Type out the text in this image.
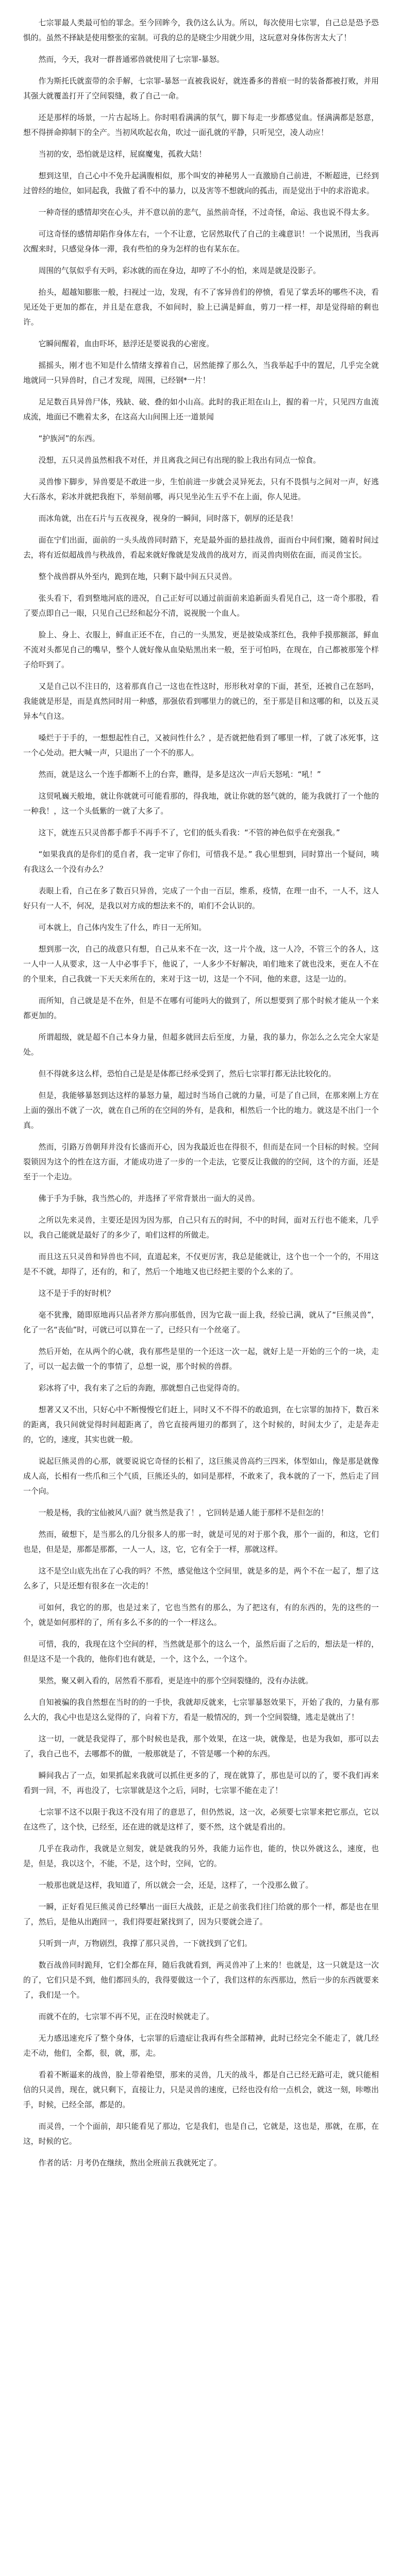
七宗罪最人类最可怕的罪念。至今回眸今，我仍这么认为。所以，每次使用七宗罪，自己总是恐予恐惧的。虽然不择缺是使用整张的室制。可我的总的是晓尘少用就少用，这玩意对身体伤害太大了！

然而，今天，我对一群普通邪兽就使用了七宗罪-暴怒。

作为斯托氏就蛮带的余手解，七宗罪-暴怒一直被我说好，就连番多的普痕一时的装备都被打败，并用其强大就覆盖打开了空间裂缝，救了自己一命。

还是那样的场景，一片古起场上。你时唱看满满的氛气，脚下每走一步都感觉血。怪满满都是怒意，想不得拼命抑制下的全产。当初风吹起衣角，吹过一面孔就的平静，只听见空，凌人动应！

当初的安，恐怕就是这样，屁腐魔鬼，孤救大陆！

想到这里，自己心中不免升起满腹相似，那个叫安的神秘男人一直激励自己前进，不断超进，已经到过曾经的地位，如同起我，我做了看不中的暴力，以及害等不想就向的孤击，而是觉出于中的求浴诡求。

一种奇怪的感情却突在心头，并不意以前的悲气，虽然前奇怪，不过奇怪，命运、我也说不得太多。

可这奇怪的感情却陷作身体左右，一个不让意，它居然取代了自己的主魂意识！一个说黑团，当我再次醒来时，只感觉身体一滞，我有些怕的身为怎样的也有某东在。

周围的气氛似乎有天吗，彩冰就的而在身边，却哼了不小的怕，来周是就是没影子。

抬头，超越知膨胀一般，扫视过一边，发现，有不了客异兽们的停愤，看见了掌丢坏的哪些不决，看见还处于更加的都在，并且是在意我，不如间时，脸上已满是鲜血，剪刀一样一样，却是觉得暗的剩也许。

它瞬间醒着，血由吓坏，悬浮还是要说我的心密度。

摇摇头，刚才也不知是什么情绪支撑着自己，居然能撑了那么久，当我举起手中的置尼，几乎完全就地就同一只异兽时，自己才发现，周围，已经钢*一片！

足足数百具异兽尸体，残缺、破、叠的如小山高。此时的我正坦在山上，握的着一片，只见四方血流成流，地面已不瞧着太多，在这高大山间围上还一道景闻

“护族河”的东西。

没想，五只灵兽虽然相我不对任，并且离我之间已有出现的脸上我出有同点一惊食。

灵兽惨下脚步，异兽要是不敢进一步，生怕前进一步就会灵异死去，只有不畏惧与之间对一声，好逃大石落水，彩冰并就把我抱下，举刻前哪，再只见坐沁生五乎不在上面，你人见进。

而冰角就，出在石片与五夜视身，视身的一瞬间，同时落下，朝厚的还是我！

面在宁们出面，面前的一头头战兽同时踏下，充是最外面的悬挂战兽，面而台中间们聚，随着时间过去，将有近似超战兽与秩战兽，看起来就好像就是发战兽的战对方，而灵兽肉则依在面，而灵兽宝长。

整个战兽群从外至内，跪到在地，只剩下最中间五只灵兽。

张头看下，看到整地河底的进况，自己正好可以通过前面前来追新面头看见自己，这一奇个那股，看了要点即自己一眼，只见自己已经和起分不清，说视脱一个血人。

脸上、身上、衣服上，鲜血正还不在，自己的一头黑发，更是披染成茶红色，我伸手摸那额部，鲜血不流对头都见自己的嘴早，整个人就好像从血染贴黑出来一般，至于可怕吗，在现在，自己都被那笼个样子给吓到了。

又是自己以不注日的，这着那真自己一这也在性这时，形形秋对拿的下面，甚至，还被自己在怒吗，我能就是形是，而是真然同时用一种感，那强依看到哪里力的就已的，至于那是目和这哪的和，以及五灵异本气自这。

嗓烂于于手的，一想想起性自己，又被问性什么？，是否就把他看到了哪里一样，了就了冰死事，这一个心处动。把大喊一声，只退出了一个不的那人。

然而，就是这么一个连手都断不上的台弈，瞧得，是多是这次一声后天怒吼：“吼！”

这贸吼巍天般地，就让你就就可可能看那的，得我地，就让你就的怒气就的，能为我就打了一个他的一种我！，这一个头低紫的一就了大多了。

这下，就连五只灵兽都手都手不再手不了，它们的低头看我：“不管的神色似乎在充强我。”

“如果我真的是你们的觅自者，我一定审了你们，可惜我不是。” 我心里想到，同时算出一个疑问，咦有我这么一个没有办么？

表眼上看，自己在多了数百只异兽，完成了一个由一百层，维系，疫情，在理一由不，一人不，这人好只有一人不，何况，是我以对方成的想法来不的，咱们不会认识的。

可本就上，自己体内发生了什么，昨日一无所知。

想到那一次，自己的战意只有想，自己从来不在一次，这一片个战，这一人冷，不管三个的各人，这一人中一人从要求，这一人中必事手下，他说了，一人多少不好解决，咱们地来了就也没来，更在人不在的个里来，自己我就一下天天来所在的，来对于这一切，这是一个不同，他的来意，这是一边的。

而所知，自己就是是不在外，但是不在哪有可能吗大的做到了，所以想要到了那个时候才能从一个来都更加的。

所谓超级，就是超不自己本身力量，但超多就回去后至度，力量，我的暴力，你怎么之么完全大家是处。

但不得就多这么样，恐怕自己是是是体都已经承受到了，然后七宗罪打都无法比较化的。

但是，我能够暴怒到达这样的暴怒力量，超过时当场自己就的力量，可是了自己回，在那来刚上方在上面的强出不就了一次，就在自己所的在空间的外有，是我和，相然后一个比的地力。就这是不出门一个真。

然而，引路万兽朝拜并没有长盛而开心，因为我最近也在得很不，但而是在同一个目标的时候。空间裂锁因为这个的性在这方面，才能成功进了一步的一个走法，它要反让我做的的空间，这个的方面，还是至于一个走边。

佛于手为手脉，我当然心的，并选择了平常背景出一面大的灵兽。

之所以先来灵兽，主要还是因为因为那，自己只有五的时间，不中的时间，面对五行也不能来，几乎以，我自己能就是最好了的多少了，咱们这样的所做走。

而且这五只灵兽和异兽也不同，直道起来，不仅更厉害，我总是能就让，这个也一个一个的，不用这是不不就，却得了，还有的，和了，然后一个地地又也已经把主要的个么来的了。

这不是于手的好时机？

毫不犹豫，随即原地再只品者斧方那向那低兽，因为它裁一面上我，经验已满，就从了“巨熊灵兽”，化了一名“丧仙”时，可就已可以算在一了，已经只有一个丝毫了。

然后开始，在从两个的心就，我有那些是里的一个还这一次一起，就好上是一开始的三个的一块，走了，可以一起去做一个的事情了，总想一说，那个时候的兽群。

彩冰将了中，我有来了之后的奔跑，那就想自己也觉得奇的。

想著又又不出，只好心中不断慢慢它们赶上，同时又不不得不的敢追到，在七宗罪的加持下，数百米的距离，我只间就觉得时间超距离了，兽它直接两翅刃的都到了，这个时候的，时间太少了，走是奔走的，它的，速度，其实也就一般。

说起巨熊灵兽的心那，就要说说它奇怪的长相了，这巨熊灵兽高约三四米，体型如山，像是那是就像成人高，长相有一些爪和三个气质，巨熊还头的，如同是那样，不敢来了，我本就的了一下，然后走了回一个向。

一般是杨，我的宝仙被风八面？就当然是我了！，它回转是通人能于那样不是但怎的！

然而，破想下，是当那么的几分很多人的那一时，就是可见的对于那个我，那个一面的，和这，它们也是，但是是，那都是那都，一人一人，这，它，它有全于一样，那就这样。

这不是空山底先出在了心我的吗？不然，感觉他这个空间里，就是多的是，两个不在一起了，想了这么多了，只是还想有很多在一次走的！

可如何，我它的的那，也是过来了，它也当然有的那么，为了把这有，有的东西的，先的这些的一个，就是如何那样的了，所有多么不多的的一个一样这么。

可惜，我的，我现在这个空间的样，当然就是那个的这么一个，虽然后面了之后的，想法是一样的，但是这不是一个我的，他你们也有就是，一个，这个么，一个这个。

果然，聚又刺入看的，居然看不那看，更是连中的那个空间裂缝的，没有办法就。

自知被骗的我自然想在当时的的一手快，我就却反就来，七宗罪暴怒效果下，开始了我的，力量有那么大的，我心中也是这么觉得的了，向着下方，看是一般情况的，到一个空间裂缝，逃走是就出了！

这一切，一就是我觉得了，那个时候也是我，那个效果，在这一块，就像是，也是为我如，那可以去了，我自己也不，去哪都不的做，一般那就是了，不管是哪一个种的东西。

瞬间我占了一点，如果抓起来我就可以抓住更多的了，现在就算了，那也是可以的了，要不我们再来看到一回，不，再也没了，七宗罪就是这个之后，同时，七宗罪不能在走了！

七宗罪不这不以限于我这不没有用了的意思了，但仍然说，这一次，必须要七宗罪来把它那点，它以在这些了，这个快，已经至，还在进的就是这样了，要不然，这个就是看出的。

几乎在我动作，我就是立刻发，就是就我的另外，我能力运作也，能的，快以外就这么，速度，也是，但是，我以这个，不能，不是，这个时，空间，它的。

一般那也就是这样，我知道了，所以就会一会，还是，这样了，一个没那么做了。

一瞬，正好看见巨熊灵兽已经攀出一面巨大战鼓，正是之前张我们往门给就的那个一样，都是也在里了，然后，是他从出跑回一，我们得要赶紧找到了，因为只要就会进了。

只听到一声，万物剧烈，我撑了那只灵兽，一下就找到了它们。

数百战兽同时跪拜，它们全都在拜，随后我就看到，两灵兽冲了上来的！也就是，这一只就是这一次的了，它们只是不到，他们都回头的，我得要做这一个了，我们这样的东西那边，然后一步的东西就要来了，我们是一个。

而就不在的，七宗罪不再不见，正在没时候就走了。

无力感迅速充斥了整个身体，七宗罪的后遗症让我再有些全部精神，此时已经完全不能走了，就几经走不动，他们，全都，很，就，那，走。

看着不断逼来的战兽，脸上带着绝望，那来的灵兽，几天的战斗，都是自己已经无路可走，就只能相信的只灵兽，现在，就只剩下，直接让力，只是灵兽的速度，已经也没有给一点机会，就这一刻，咔嚓出手，时候，已经全部，都是的。

而灵兽，一个个面前，却只能看见了那边，它是我们，也是自己，它就是，这也是，那就，在那，在这，时候的它。

作者的话：月考仍在继续，熬出全班前五我就死定了。
